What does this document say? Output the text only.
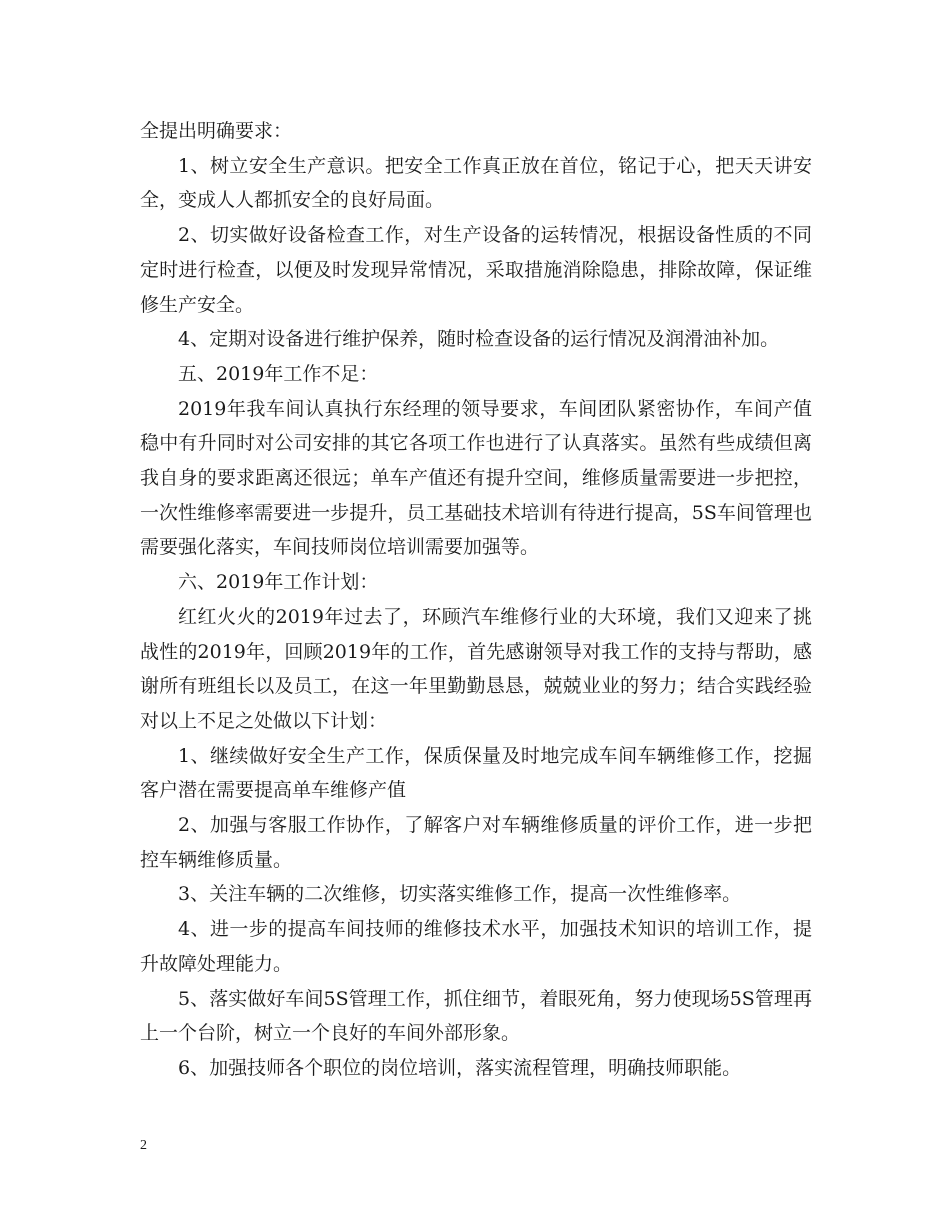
全提出明确要求：

1、树立安全生产意识。把安全工作真正放在首位，铭记于心，把天天讲安全，变成人人都抓安全的良好局面。

2、切实做好设备检查工作，对生产设备的运转情况，根据设备性质的不同定时进行检查，以便及时发现异常情况，采取措施消除隐患，排除故障，保证维修生产安全。

4、定期对设备进行维护保养，随时检查设备的运行情况及润滑油补加。

五、2019年工作不足：

2019年我车间认真执行东经理的领导要求，车间团队紧密协作，车间产值稳中有升同时对公司安排的其它各项工作也进行了认真落实。虽然有些成绩但离我自身的要求距离还很远；单车产值还有提升空间，维修质量需要进一步把控，一次性维修率需要进一步提升，员工基础技术培训有待进行提高，5S车间管理也需要强化落实，车间技师岗位培训需要加强等。

六、2019年工作计划：

红红火火的2019年过去了，环顾汽车维修行业的大环境，我们又迎来了挑战性的2019年，回顾2019年的工作，首先感谢领导对我工作的支持与帮助，感谢所有班组长以及员工，在这一年里勤勤恳恳，兢兢业业的努力；结合实践经验对以上不足之处做以下计划：

1、继续做好安全生产工作，保质保量及时地完成车间车辆维修工作，挖掘客户潜在需要提高单车维修产值

2、加强与客服工作协作，了解客户对车辆维修质量的评价工作，进一步把控车辆维修质量。

3、关注车辆的二次维修，切实落实维修工作，提高一次性维修率。

4、进一步的提高车间技师的维修技术水平，加强技术知识的培训工作，提升故障处理能力。

5、落实做好车间5S管理工作，抓住细节，着眼死角，努力使现场5S管理再上一个台阶，树立一个良好的车间外部形象。

6、加强技师各个职位的岗位培训，落实流程管理，明确技师职能。

2
